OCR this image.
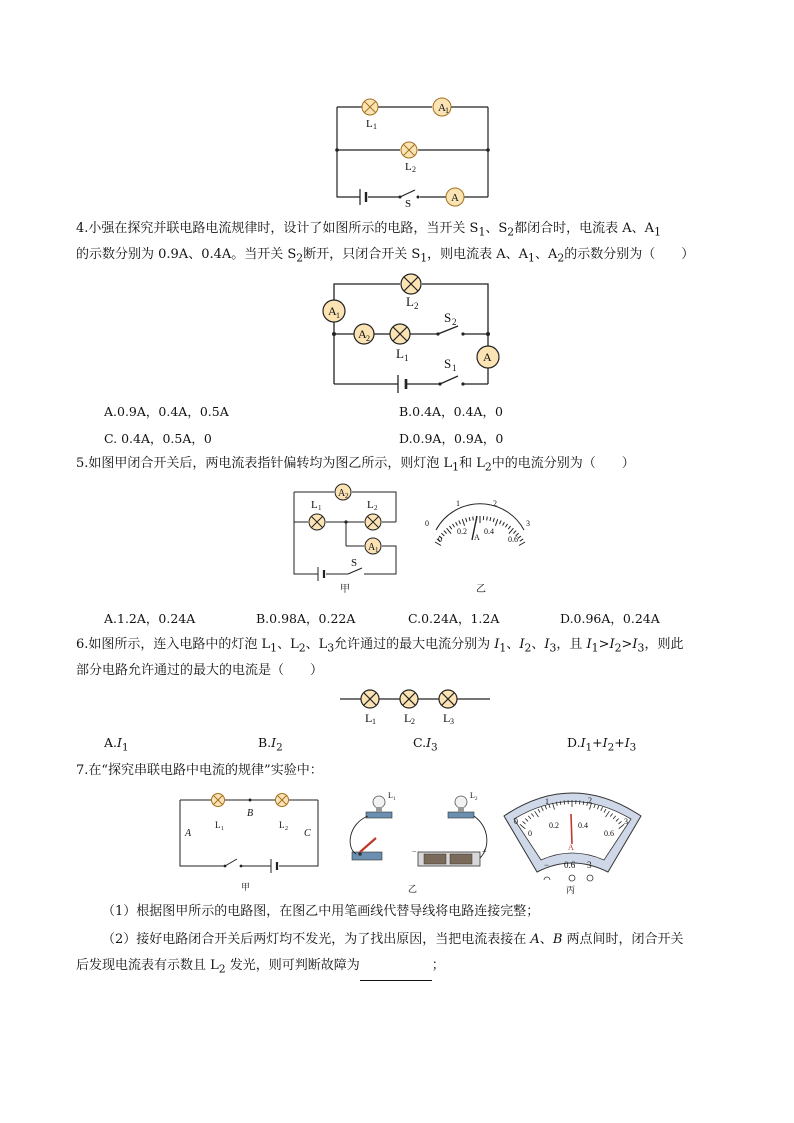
A 1
A
L 1
L 2
S
4.小强在探究并联电路电流规律时，设计了如图所示的电路，当开关 $S_1$、$S_2$都闭合时，电流表 A、$A_1$
的示数分别为 0.9A、0.4A。当开关 $S_2$断开，只闭合开关 $S_1$，则电流表 A、$A_1$、$A_2$的示数分别为（　　）
A 1
A 2
A
L 2
L 1
S 2
S 1
A.0.9A，0.4A，0.5A	B.0.4A，0.4A，0
C. 0.4A，0.5A，0	D.0.9A，0.9A，0
5.如图甲闭合开关后，两电流表指针偏转均为图乙所示，则灯泡 $L_1$和 $L_2$中的电流分别为（　　）
A 2
A 1
L 1	L 2
S
甲
0
1	2
3
0
0.2 0.4
0.6
A
乙
A.1.2A，0.24A	B.0.98A，0.22A	C.0.24A，1.2A	D.0.96A，0.24A
6.如图所示，连入电路中的灯泡 $L_1$、$L_2$、$L_3$允许通过的最大电流分别为 $I_1$、$I_2$、$I_3$，且 $I_1>I_2>I_3$，则此
部分电路允许通过的最大的电流是（　　）
L 1 L 2 L 3
$A.I_1$	$B.I_2$	$C.I_3$	$D.I_1+I_2+I_3$
7.在“探究串联电路中电流的规律”实验中：
L 1	L 2
B
A	C
甲
L 1	L 2
−	+
乙
0
1	2
3
0
0.2 0.4
0.6
A
− 0.6 3
丙
（1）根据图甲所示的电路图，在图乙中用笔画线代替导线将电路连接完整；
（2）接好电路闭合开关后两灯均不发光，为了找出原因，当把电流表接在 A、B 两点间时，闭合开关
后发现电流表有示数且 $L_2$ 发光，则可判断故障为	；
